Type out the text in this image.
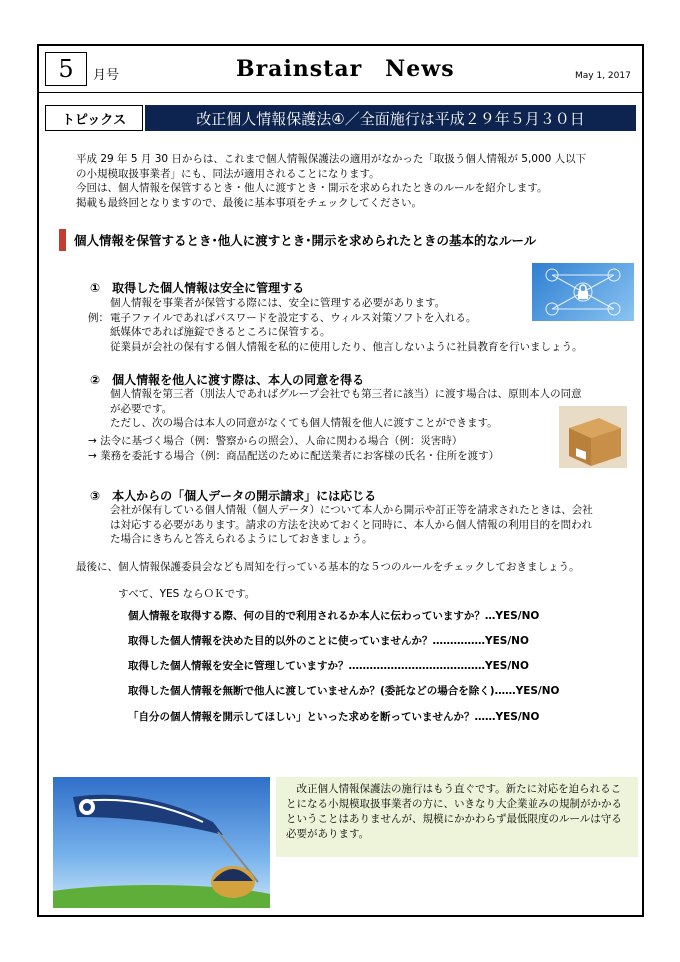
5	月号	Brainstar　News	May 1, 2017
トピックス	改正個人情報保護法④／全面施行は平成２９年５月３０日

平成 29 年 5 月 30 日からは、これまで個人情報保護法の適用がなかった「取扱う個人情報が 5,000 人以下

の小規模取扱事業者」にも、同法が適用されることになります。

今回は、個人情報を保管するとき・他人に渡すとき・開示を求められたときのルールを紹介します。

掲載も最終回となりますので、最後に基本事項をチェックしてください。

個人情報を保管するとき･他人に渡すとき･開示を求められたときの基本的なルール
①　取得した個人情報は安全に管理する

個人情報を事業者が保管する際には、安全に管理する必要があります。

電子ファイルであればパスワードを設定する、ウィルス対策ソフトを入れる。

紙媒体であれば施錠できるところに保管する。

従業員が会社の保有する個人情報を私的に使用したり、他言しないように社員教育を行いましょう。

例：
②　個人情報を他人に渡す際は、本人の同意を得る

個人情報を第三者（別法人であればグループ会社でも第三者に該当）に渡す場合は、原則本人の同意

が必要です。

ただし、次の場合は本人の同意がなくても個人情報を他人に渡すことができます。

→ 法令に基づく場合（例：警察からの照会）、人命に関わる場合（例：災害時）
→ 業務を委託する場合（例：商品配送のために配送業者にお客様の氏名・住所を渡す）
③　本人からの「個人データの開示請求」には応じる

会社が保有している個人情報（個人データ）について本人から開示や訂正等を請求されたときは、会社

は対応する必要があります。請求の方法を決めておくと同時に、本人から個人情報の利用目的を問われ

た場合にきちんと答えられるようにしておきましょう。

最後に、個人情報保護委員会なども周知を行っている基本的な５つのルールをチェックしておきましょう。
すべて、YES ならＯＫです。
個人情報を取得する際、何の目的で利用されるか本人に伝わっていますか？…YES/NO
取得した個人情報を決めた目的以外のことに使っていませんか？……………YES/NO
取得した個人情報を安全に管理していますか？…………………………………YES/NO
取得した個人情報を無断で他人に渡していませんか？(委託などの場合を除く)……YES/NO
「自分の個人情報を開示してほしい」といった求めを断っていませんか？……YES/NO

改正個人情報保護法の施行はもう直ぐです。新たに対応を迫られることになる小規模取扱事業者の方に、いきなり大企業並みの規制がかかるということはありませんが、規模にかかわらず最低限度のルールは守る必要があります。
